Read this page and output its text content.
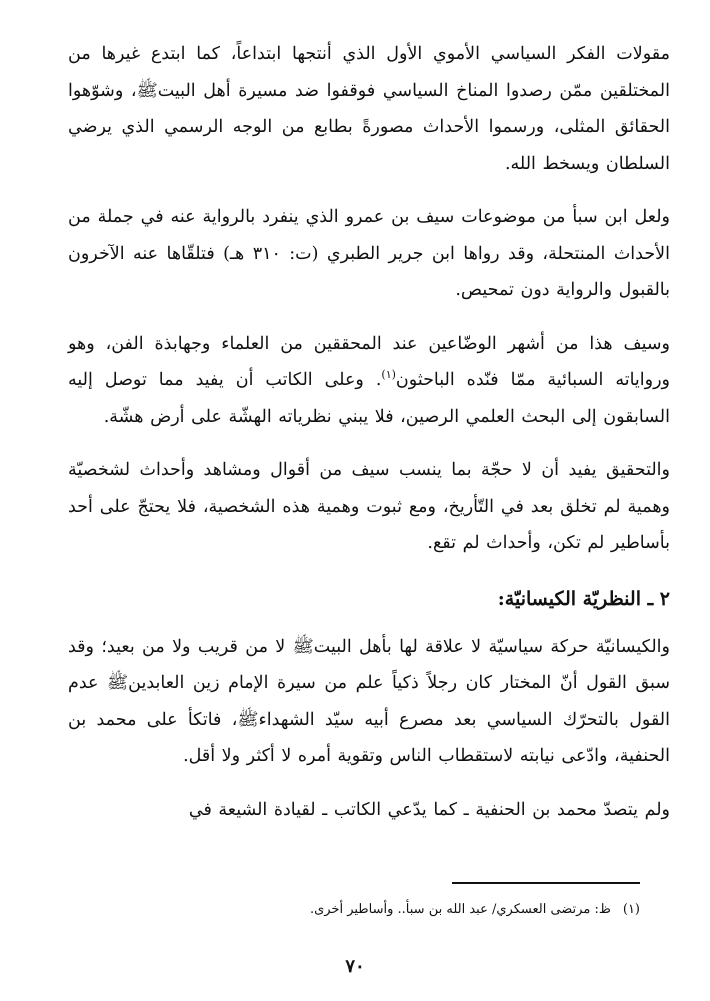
مقولات الفكر السياسي الأموي الأول الذي أنتجها ابتداعاً، كما ابتدع غيرها من المختلقين ممّن رصدوا المناخ السياسي فوقفوا ضد مسيرة أهل البيتﷺ، وشوّهوا الحقائق المثلى، ورسموا الأحداث مصورةً بطابع من الوجه الرسمي الذي يرضي السلطان ويسخط الله.

ولعل ابن سبأ من موضوعات سيف بن عمرو الذي ينفرد بالرواية عنه في جملة من الأحداث المنتحلة، وقد رواها ابن جرير الطبري (ت: ٣١٠ هـ) فتلقّاها عنه الآخرون بالقبول والرواية دون تمحيص.

وسيف هذا من أشهر الوضّاعين عند المحققين من العلماء وجهابذة الفن، وهو ورواياته السبائية ممّا فنّده الباحثون$^{(١)}$. وعلى الكاتب أن يفيد مما توصل إليه السابقون إلى البحث العلمي الرصين، فلا يبني نظرياته الهشّة على أرض هشّة.

والتحقيق يفيد أن لا حجّة بما ينسب سيف من أقوال ومشاهد وأحداث لشخصيّة وهمية لم تخلق بعد في التّأريخ، ومع ثبوت وهمية هذه الشخصية، فلا يحتجّ على أحد بأساطير لم تكن، وأحداث لم تقع.

٢ ـ النظريّة الكيسانيّة:

والكيسانيّة حركة سياسيّة لا علاقة لها بأهل البيتﷺ لا من قريب ولا من بعيد؛ وقد سبق القول أنّ المختار كان رجلاً ذكياً علم من سيرة الإمام زين العابدينﷺ عدم القول بالتحرّك السياسي بعد مصرع أبيه سيّد الشهداءﷺ، فاتكأ على محمد بن الحنفية، وادّعى نيابته لاستقطاب الناس وتقوية أمره لا أكثر ولا أقل.

ولم يتصدّ محمد بن الحنفية ـ كما يدّعي الكاتب ـ لقيادة الشيعة في

(١)ظ: مرتضى العسكري/ عبد الله بن سبأ.. وأساطير أخرى.
٧٠
